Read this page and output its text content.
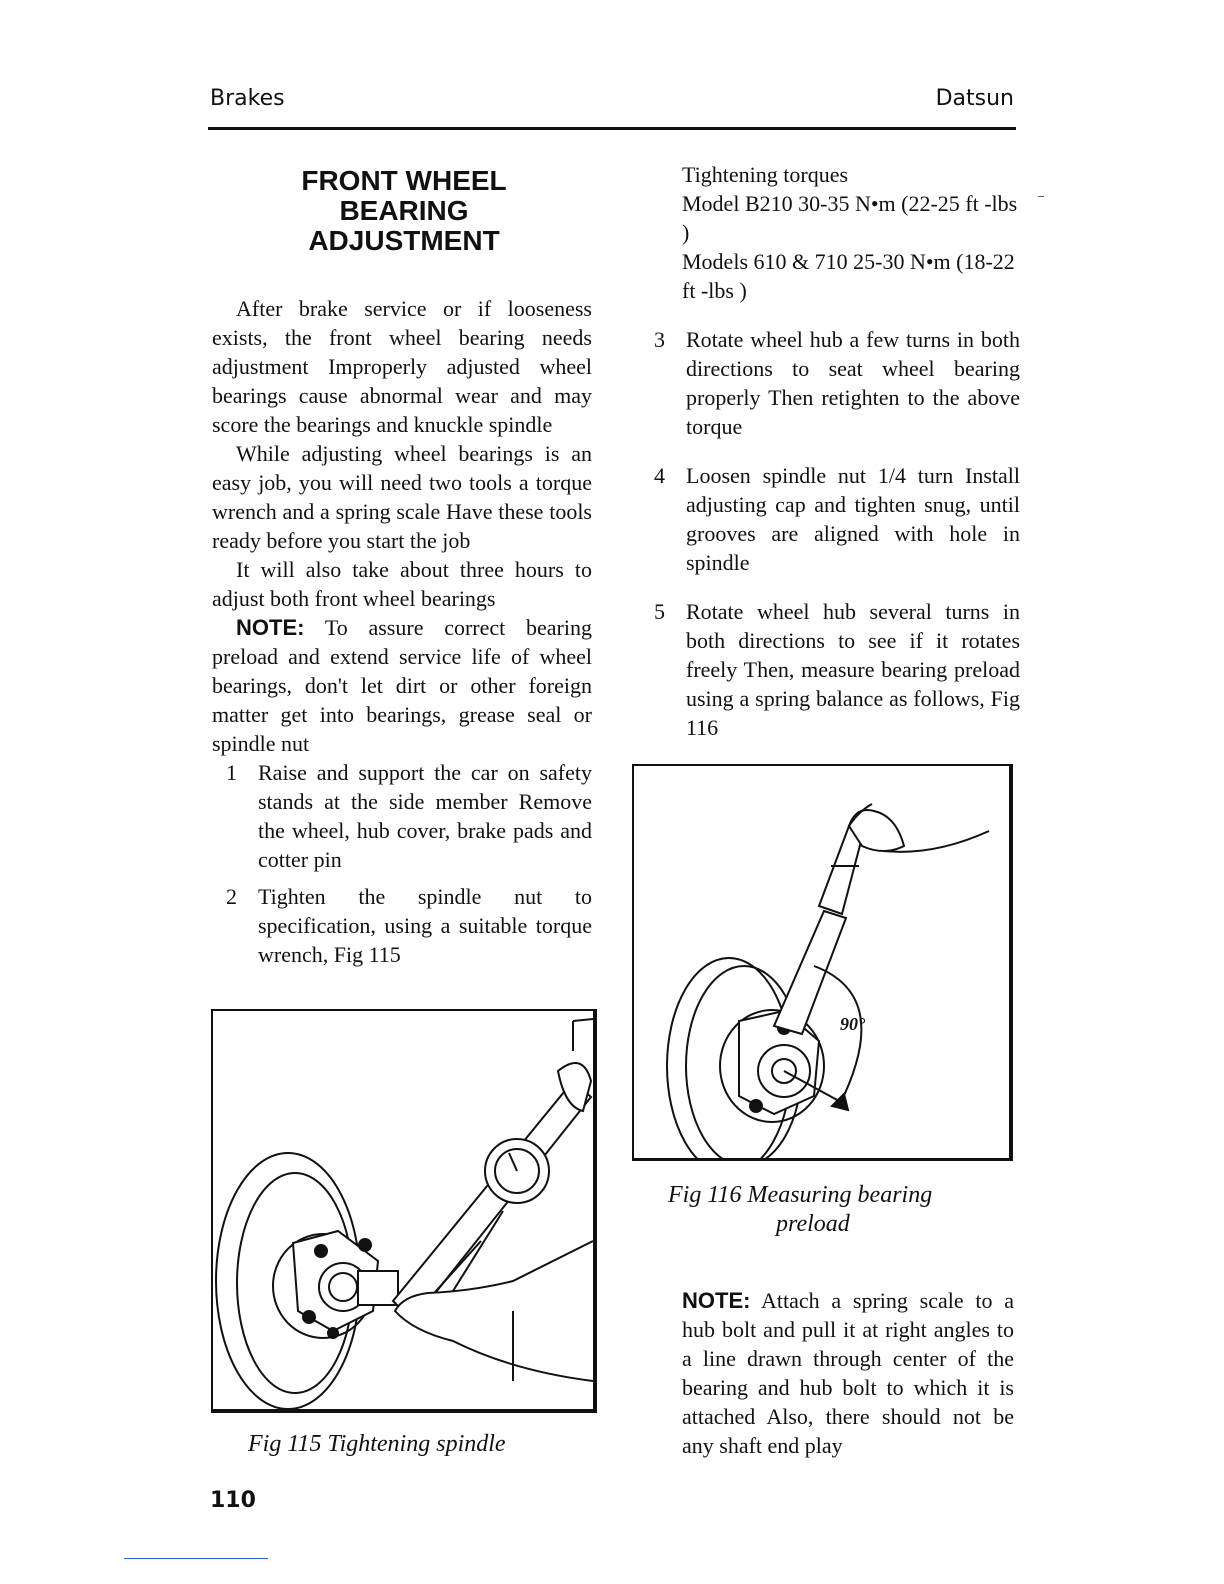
Brakes	Datsun
FRONT WHEEL
BEARING
ADJUSTMENT

After brake service or if looseness exists, the front wheel bearing needs adjustment Improperly adjusted wheel bearings cause abnormal wear and may score the bearings and knuckle spindle

While adjusting wheel bearings is an easy job, you will need two tools a torque wrench and a spring scale Have these tools ready before you start the job

It will also take about three hours to adjust both front wheel bearings

NOTE: To assure correct bearing preload and extend service life of wheel bearings, don't let dirt or other foreign matter get into bearings, grease seal or spindle nut

1 Raise and support the car on safety stands at the side member Remove the wheel, hub cover, brake pads and cotter pin

2 Tighten the spindle nut to specification, using a suitable torque wrench, Fig 115

Tightening torques

Model B210 30-35 N•m (22-25 ft -lbs )

Models 610 & 710 25-30 N•m (18-22 ft -lbs )

3 Rotate wheel hub a few turns in both directions to seat wheel bearing properly Then retighten to the above torque

4 Loosen spindle nut 1/4 turn Install adjusting cap and tighten snug, until grooves are aligned with hole in spindle

5 Rotate wheel hub several turns in both directions to see if it rotates freely Then, measure bearing preload using a spring balance as follows, Fig 116

Fig 115 Tightening spindle
90°
Fig 116 Measuring bearing
preload
NOTE: Attach a spring scale to a hub bolt and pull it at right angles to a line drawn through center of the bearing and hub bolt to which it is attached Also, there should not be any shaft end play
110
